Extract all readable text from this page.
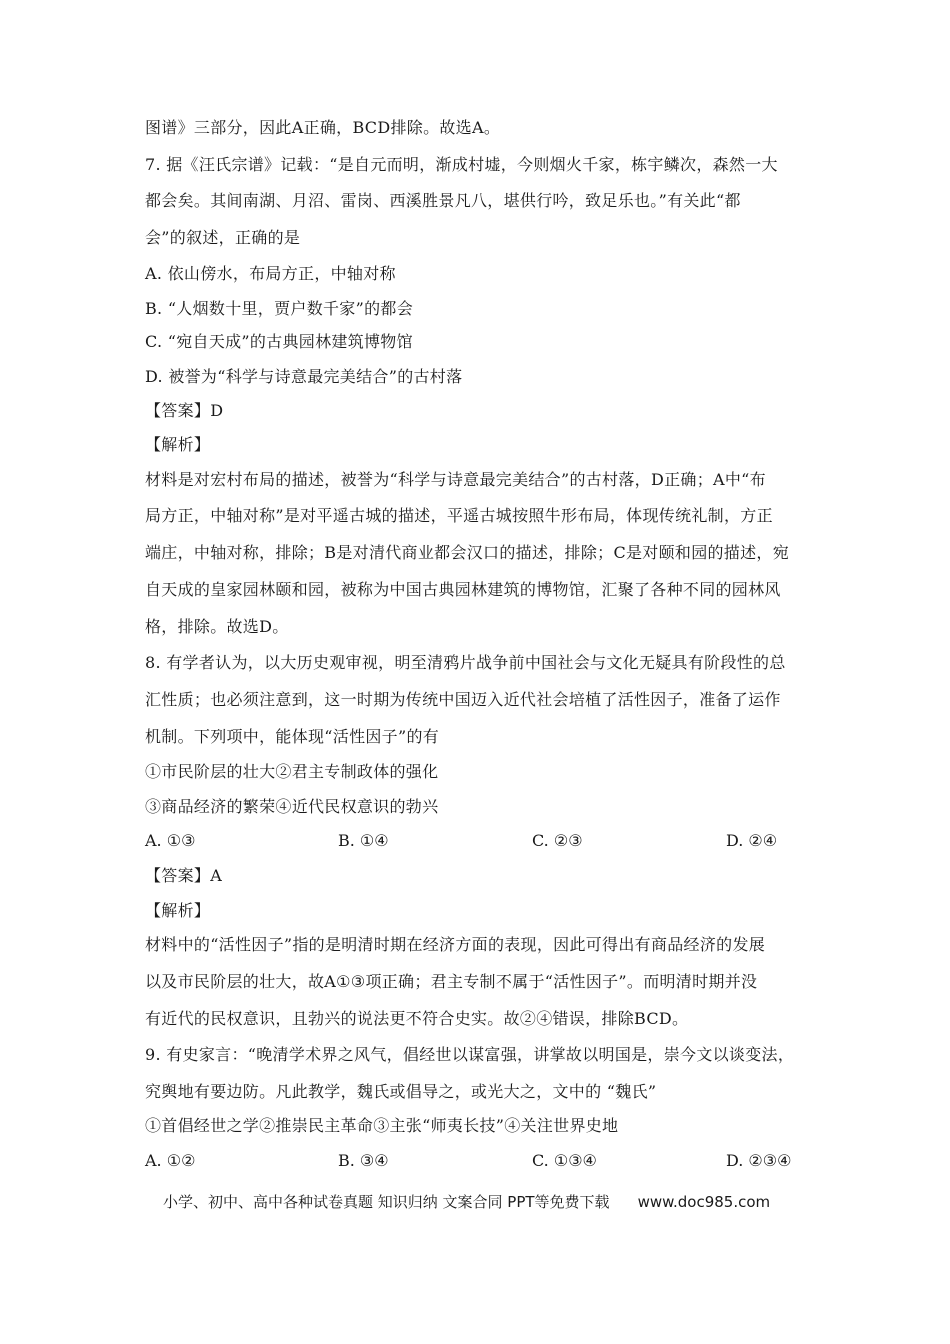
图谱》三部分，因此A正确，BCD排除。故选A。
7. 据《汪氏宗谱》记载：“是自元而明，渐成村墟，今则烟火千家，栋宇鳞次，森然一大
都会矣。其间南湖、月沼、雷岗、西溪胜景凡八，堪供行吟，致足乐也。”有关此“都
会”的叙述，正确的是
A. 依山傍水，布局方正，中轴对称
B. “人烟数十里，贾户数千家”的都会
C. “宛自天成”的古典园林建筑博物馆
D. 被誉为“科学与诗意最完美结合”的古村落
【答案】D
【解析】
材料是对宏村布局的描述，被誉为“科学与诗意最完美结合”的古村落，D正确；A中“布
局方正，中轴对称”是对平遥古城的描述，平遥古城按照牛形布局，体现传统礼制，方正
端庄，中轴对称，排除；B是对清代商业都会汉口的描述，排除；C是对颐和园的描述，宛
自天成的皇家园林颐和园，被称为中国古典园林建筑的博物馆，汇聚了各种不同的园林风
格，排除。故选D。
8. 有学者认为，以大历史观审视，明至清鸦片战争前中国社会与文化无疑具有阶段性的总
汇性质；也必须注意到，这一时期为传统中国迈入近代社会培植了活性因子，准备了运作
机制。下列项中，能体现“活性因子”的有
①市民阶层的壮大②君主专制政体的强化
③商品经济的繁荣④近代民权意识的勃兴
A. ①③	B. ①④	C. ②③	D. ②④
【答案】A
【解析】
材料中的“活性因子”指的是明清时期在经济方面的表现，因此可得出有商品经济的发展
以及市民阶层的壮大，故A①③项正确；君主专制不属于“活性因子”。而明清时期并没
有近代的民权意识，且勃兴的说法更不符合史实。故②④错误，排除BCD。
9. 有史家言：“晚清学术界之风气，倡经世以谋富强，讲掌故以明国是，崇今文以谈变法，
究舆地有要边防。凡此教学，魏氏或倡导之，或光大之，文中的 “魏氏”
①首倡经世之学②推崇民主革命③主张“师夷长技”④关注世界史地
A. ①②	B. ③④	C. ①③④	D. ②③④
小学、初中、高中各种试卷真题 知识归纳 文案合同 PPT等免费下载 www.doc985.com
